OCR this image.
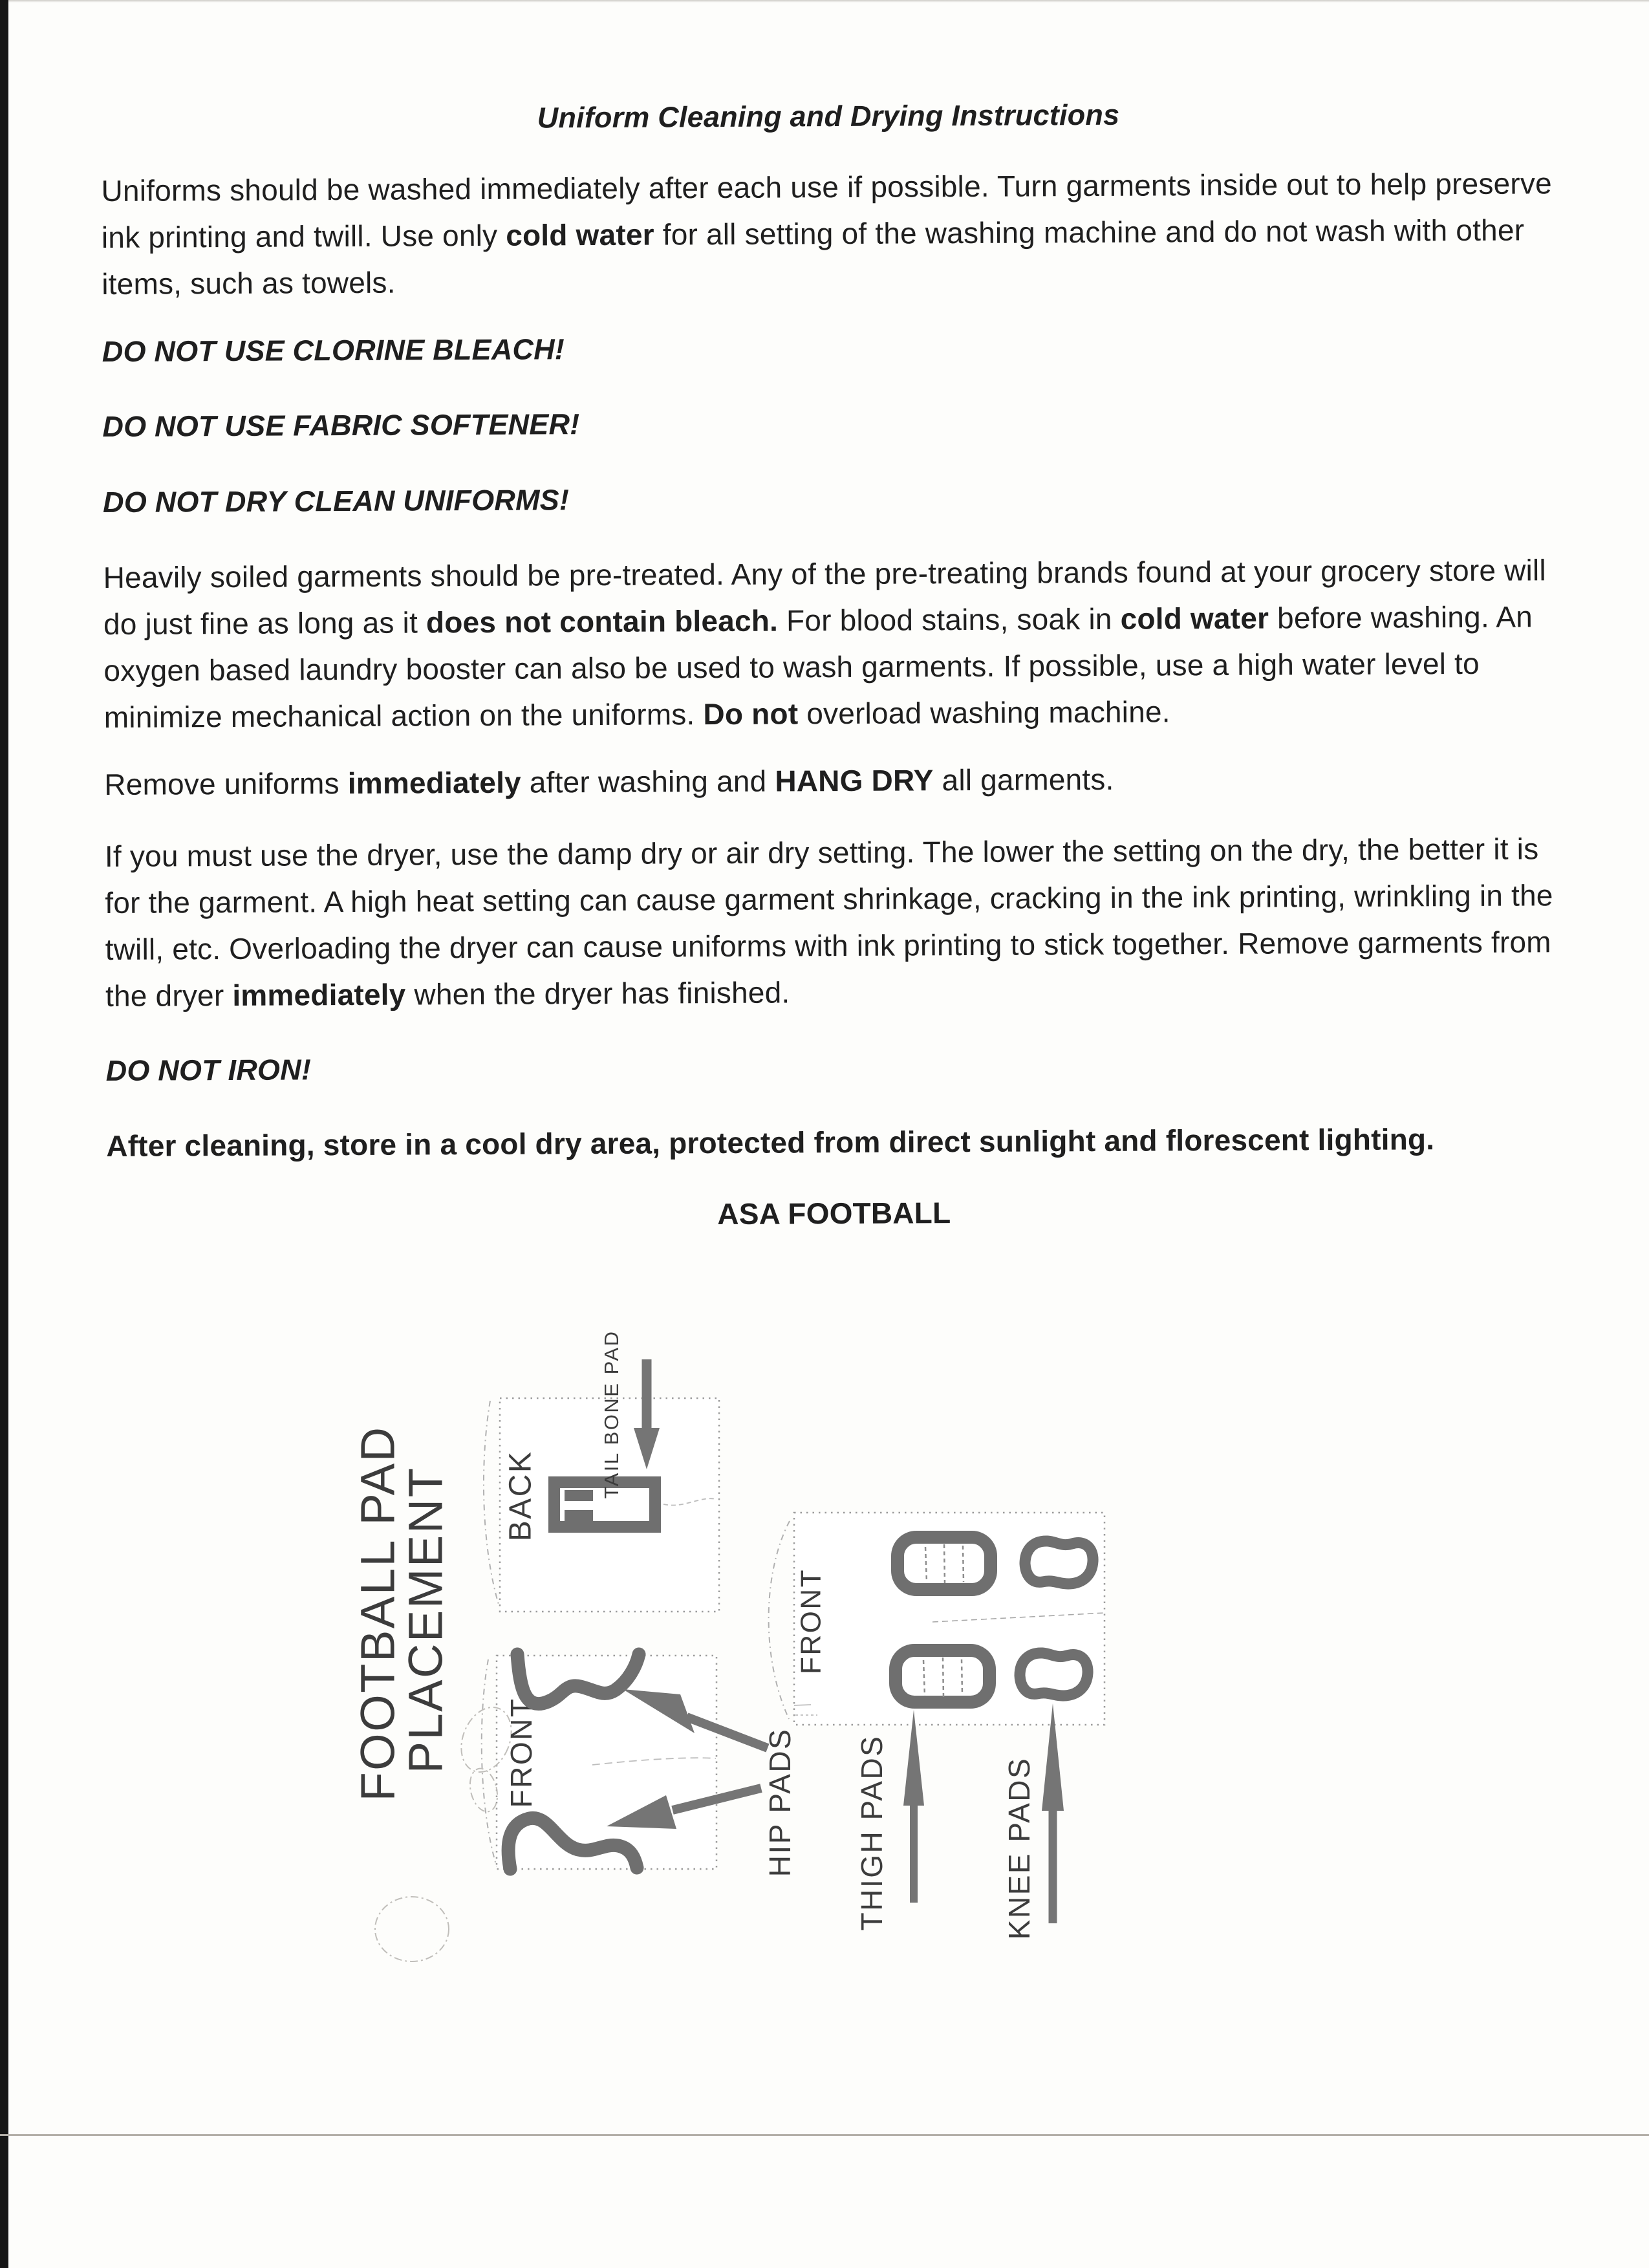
Uniform Cleaning and Drying Instructions
Uniforms should be washed immediately after each use if possible. Turn garments inside out to help preserve ink printing and twill. Use only cold water for all setting of the washing machine and do not wash with other items, such as towels.
DO NOT USE CLORINE BLEACH!
DO NOT USE FABRIC SOFTENER!
DO NOT DRY CLEAN UNIFORMS!
Heavily soiled garments should be pre-treated. Any of the pre-treating brands found at your grocery store will do just fine as long as it does not contain bleach. For blood stains, soak in cold water before washing. An oxygen based laundry booster can also be used to wash garments. If possible, use a high water level to minimize mechanical action on the uniforms. Do not overload washing machine.
Remove uniforms immediately after washing and HANG DRY all garments.
If you must use the dryer, use the damp dry or air dry setting. The lower the setting on the dry, the better it is for the garment. A high heat setting can cause garment shrinkage, cracking in the ink printing, wrinkling in the twill, etc. Overloading the dryer can cause uniforms with ink printing to stick together. Remove garments from the dryer immediately when the dryer has finished.
DO NOT IRON!
After cleaning, store in a cool dry area, protected from direct sunlight and florescent lighting.
ASA FOOTBALL
FOOTBALL PAD
PLACEMENT BACK	TAIL BONE PAD
FRONT	HIP PADS
FRONT
THIGH PADS	KNEE PADS
